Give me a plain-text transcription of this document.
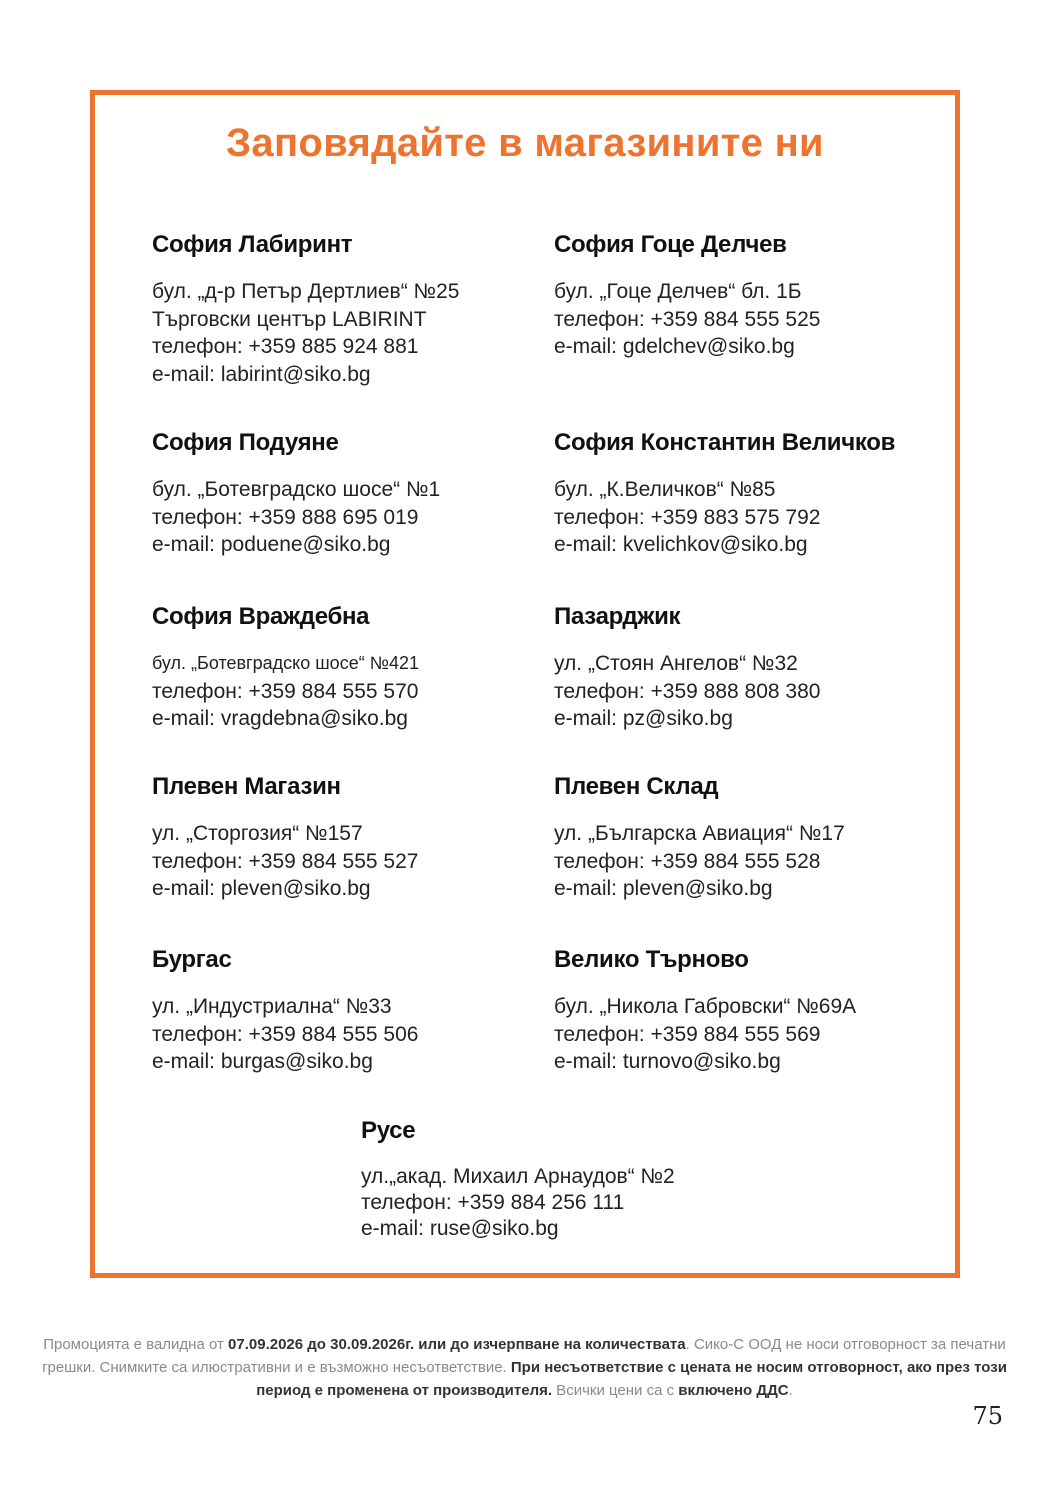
Заповядайте в магазините ни
София Лабиринт
бул. „д-р Петър Дертлиев“ №25
Търговски център LABIRINT
телефон: +359 885 924 881
e-mail: labirint@siko.bg
София Подуяне
бул. „Ботевградско шосе“ №1
телефон: +359 888 695 019
e-mail: poduene@siko.bg
София Враждебна
бул. „Ботевградско шосе“ №421
телефон: +359 884 555 570
e-mail: vragdebna@siko.bg
Плевен Магазин
ул. „Сторгозия“ №157
телефон: +359 884 555 527
e-mail: pleven@siko.bg
Бургас
ул. „Индустриална“ №33
телефон: +359 884 555 506
e-mail: burgas@siko.bg
София Гоце Делчев
бул. „Гоце Делчев“ бл. 1Б
телефон: +359 884 555 525
e-mail: gdelchev@siko.bg
София Константин Величков
бул. „К.Величков“ №85
телефон: +359 883 575 792
e-mail: kvelichkov@siko.bg
Пазарджик
ул. „Стоян Ангелов“ №32
телефон: +359 888 808 380
e-mail: pz@siko.bg
Плевен Склад
ул. „Българска Авиация“ №17
телефон: +359 884 555 528
e-mail: pleven@siko.bg
Велико Търново
бул. „Никола Габровски“ №69А
телефон: +359 884 555 569
e-mail: turnovo@siko.bg
Русе
ул.„акад. Михаил Арнаудов“ №2
телефон: +359 884 256 111
e-mail: ruse@siko.bg
Промоцията е валидна от 07.09.2026 до 30.09.2026г. или до изчерпване на количествата. Сико-С ООД не носи отговорност за печатни грешки. Снимките са илюстративни и е възможно несъответствие. При несъответствие с цената не носим отговорност, ако през този период е променена от производителя. Всички цени са с включено ДДС.
75
